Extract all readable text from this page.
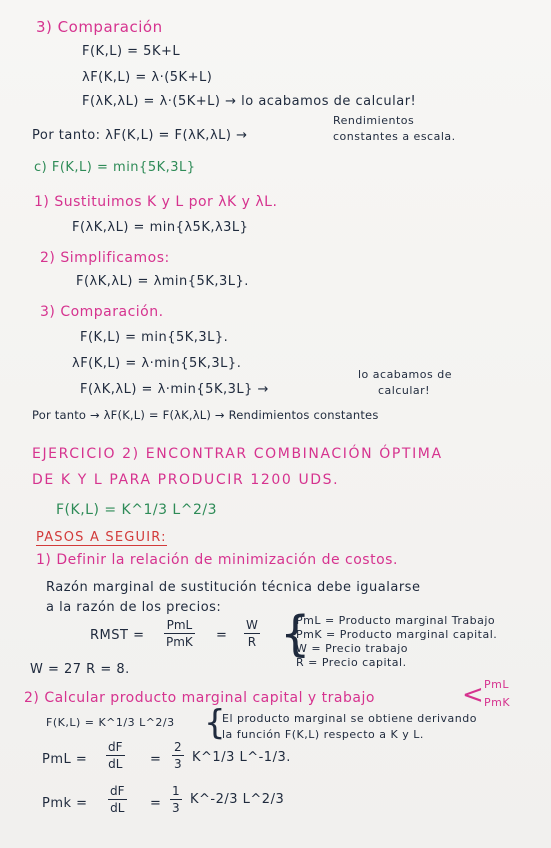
3) Comparación
F(K,L) = 5K+L
λF(K,L) = λ·(5K+L)
F(λK,λL) = λ·(5K+L) → lo acabamos de calcular!
Por tanto: λF(K,L) = F(λK,λL) →
Rendimientos
constantes a escala.
c) F(K,L) = min{5K,3L}
1) Sustituimos K y L por λK y λL.
F(λK,λL) = min{λ5K,λ3L}
2) Simplificamos:
F(λK,λL) = λmin{5K,3L}.
3) Comparación.
F(K,L) = min{5K,3L}.
λF(K,L) = λ·min{5K,3L}.
F(λK,λL) = λ·min{5K,3L} →
lo acabamos de
calcular!
Por tanto → λF(K,L) = F(λK,λL) → Rendimientos constantes
EJERCICIO 2) ENCONTRAR COMBINACIÓN ÓPTIMA
DE K Y L PARA PRODUCIR 1200 UDS.
F(K,L) = K^1/3 L^2/3
PASOS A SEGUIR:
1) Definir la relación de minimización de costos.
Razón marginal de sustitución técnica debe igualarse
a la razón de los precios:
RMST =
PmL
PmK =
W
R {
PmL = Producto marginal Trabajo
PmK = Producto marginal capital.
W = Precio trabajo
R = Precio capital.
W = 27 R = 8.
2) Calcular producto marginal capital y trabajo	< PmL
PmK
F(K,L) = K^1/3 L^2/3 {
El producto marginal se obtiene derivando
la función F(K,L) respecto a K y L.
PmL =
dF
dL =
2
3 K^1/3 L^-1/3.
Pmk =
dF
dL =
1
3
K^-2/3 L^2/3
